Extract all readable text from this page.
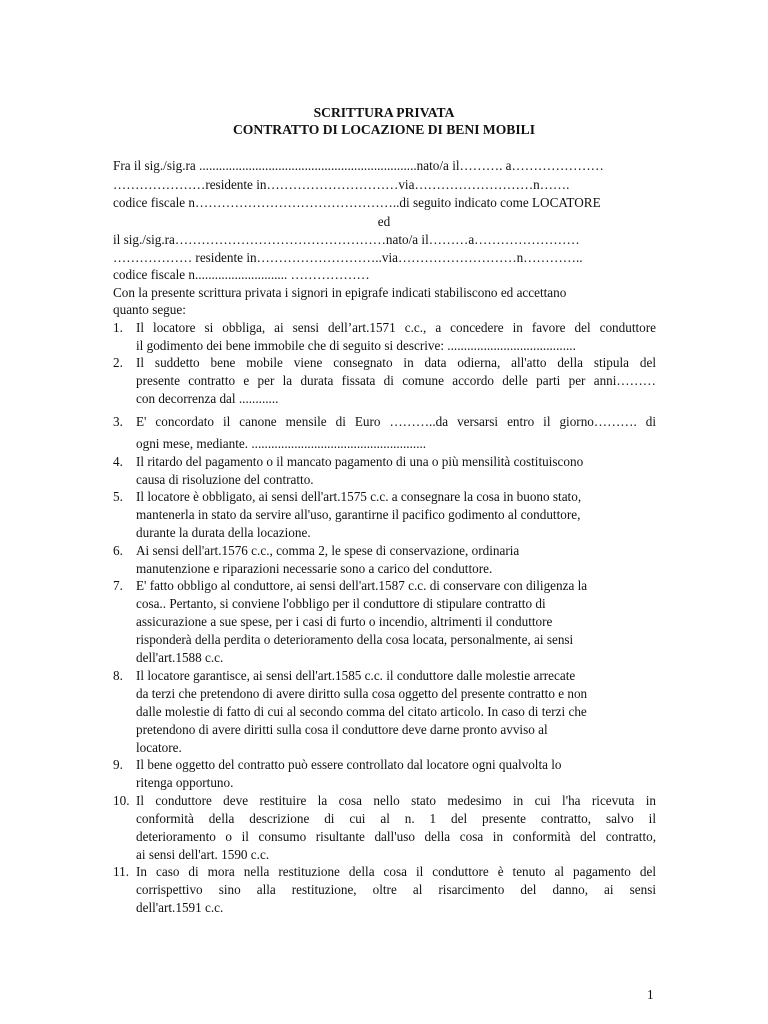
SCRITTURA PRIVATA
CONTRATTO DI LOCAZIONE DI BENI MOBILI
Fra il sig./sig.ra ..................................................................nato/a il………. a…………………
…………………residente in…………………………via………………………n…….
codice fiscale n………………………………………..di seguito indicato come LOCATORE
ed
il sig./sig.ra…………………………………………nato/a il………a……………………
……………… residente in………………………..via………………………n…………..
codice fiscale n............................ ………………
Con la presente scrittura privata i signori in epigrafe indicati stabiliscono ed accettano
quanto segue:
1. Il locatore si obbliga, ai sensi dell’art.1571 c.c., a concedere in favore del conduttore
il godimento dei bene immobile che di seguito si descrive: .......................................
2. Il suddetto bene mobile viene consegnato in data odierna, all'atto della stipula del
presente contratto e per la durata fissata di comune accordo delle parti per anni………
con decorrenza dal ............
3. E' concordato il canone mensile di Euro ………..da versarsi entro il giorno………. di
ogni mese, mediante. .....................................................
4. Il ritardo del pagamento o il mancato pagamento di una o più mensilità costituiscono
causa di risoluzione del contratto.
5. Il locatore è obbligato, ai sensi dell'art.1575 c.c. a consegnare la cosa in buono stato,
mantenerla in stato da servire all'uso, garantirne il pacifico godimento al conduttore,
durante la durata della locazione.
6. Ai sensi dell'art.1576 c.c., comma 2, le spese di conservazione, ordinaria
manutenzione e riparazioni necessarie sono a carico del conduttore.
7. E' fatto obbligo al conduttore, ai sensi dell'art.1587 c.c. di conservare con diligenza la
cosa.. Pertanto, si conviene l'obbligo per il conduttore di stipulare contratto di
assicurazione a sue spese, per i casi di furto o incendio, altrimenti il conduttore
risponderà della perdita o deterioramento della cosa locata, personalmente, ai sensi
dell'art.1588 c.c.
8. Il locatore garantisce, ai sensi dell'art.1585 c.c. il conduttore dalle molestie arrecate
da terzi che pretendono di avere diritto sulla cosa oggetto del presente contratto e non
dalle molestie di fatto di cui al secondo comma del citato articolo. In caso di terzi che
pretendono di avere diritti sulla cosa il conduttore deve darne pronto avviso al
locatore.
9. Il bene oggetto del contratto può essere controllato dal locatore ogni qualvolta lo
ritenga opportuno.
10. Il conduttore deve restituire la cosa nello stato medesimo in cui l'ha ricevuta in
conformità della descrizione di cui al n. 1 del presente contratto, salvo il
deterioramento o il consumo risultante dall'uso della cosa in conformità del contratto,
ai sensi dell'art. 1590 c.c.
11. In caso di mora nella restituzione della cosa il conduttore è tenuto al pagamento del
corrispettivo sino alla restituzione, oltre al risarcimento del danno, ai sensi
dell'art.1591 c.c.
1
